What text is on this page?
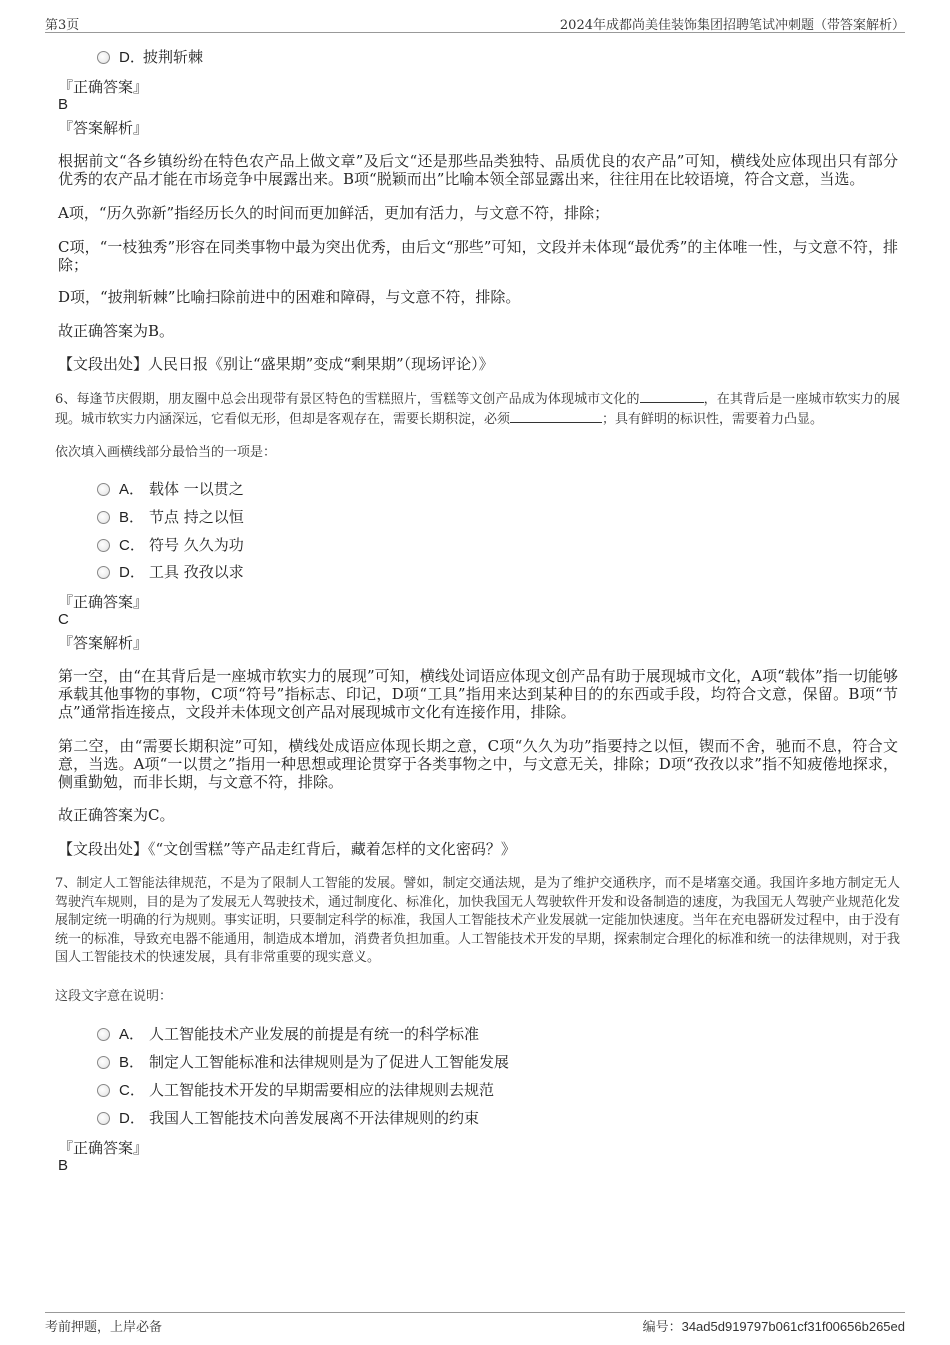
第3页	2024年成都尚美佳装饰集团招聘笔试冲刺题（带答案解析）
D．披荆斩棘
『正确答案』
B
『答案解析』
根据前文“各乡镇纷纷在特色农产品上做文章”及后文“还是那些品类独特、品质优良的农产品”可知，横线处应体现出只有部分优秀的农产品才能在市场竞争中展露出来。B项“脱颖而出”比喻本领全部显露出来，往往用在比较语境，符合文意，当选。
A项，“历久弥新”指经历长久的时间而更加鲜活，更加有活力，与文意不符，排除；
C项，“一枝独秀”形容在同类事物中最为突出优秀，由后文“那些”可知，文段并未体现“最优秀”的主体唯一性，与文意不符，排除；
D项，“披荆斩棘”比喻扫除前进中的困难和障碍，与文意不符，排除。
故正确答案为B。
【文段出处】人民日报《别让“盛果期”变成“剩果期”（现场评论）》
6、每逢节庆假期，朋友圈中总会出现带有景区特色的雪糕照片，雪糕等文创产品成为体现城市文化的	，在其背后是一座城市软实力的展现。城市软实力内涵深远，它看似无形，但却是客观存在，需要长期积淀，必须	；具有鲜明的标识性，需要着力凸显。
依次填入画横线部分最恰当的一项是：
A． 载体 一以贯之
B． 节点 持之以恒
C． 符号 久久为功
D． 工具 孜孜以求
『正确答案』
C
『答案解析』
第一空，由“在其背后是一座城市软实力的展现”可知，横线处词语应体现文创产品有助于展现城市文化，A项“载体”指一切能够承载其他事物的事物，C项“符号”指标志、印记，D项“工具”指用来达到某种目的的东西或手段，均符合文意，保留。B项“节点”通常指连接点，文段并未体现文创产品对展现城市文化有连接作用，排除。
第二空，由“需要长期积淀”可知，横线处成语应体现长期之意，C项“久久为功”指要持之以恒，锲而不舍，驰而不息，符合文意，当选。A项“一以贯之”指用一种思想或理论贯穿于各类事物之中，与文意无关，排除；D项“孜孜以求”指不知疲倦地探求，侧重勤勉，而非长期，与文意不符，排除。
故正确答案为C。
【文段出处】《“文创雪糕”等产品走红背后，藏着怎样的文化密码？》
7、制定人工智能法律规范，不是为了限制人工智能的发展。譬如，制定交通法规，是为了维护交通秩序，而不是堵塞交通。我国许多地方制定无人驾驶汽车规则，目的是为了发展无人驾驶技术，通过制度化、标准化，加快我国无人驾驶软件开发和设备制造的速度，为我国无人驾驶产业规范化发展制定统一明确的行为规则。事实证明，只要制定科学的标准，我国人工智能技术产业发展就一定能加快速度。当年在充电器研发过程中，由于没有统一的标准，导致充电器不能通用，制造成本增加，消费者负担加重。人工智能技术开发的早期，探索制定合理化的标准和统一的法律规则，对于我国人工智能技术的快速发展，具有非常重要的现实意义。
这段文字意在说明：
A． 人工智能技术产业发展的前提是有统一的科学标准
B． 制定人工智能标准和法律规则是为了促进人工智能发展
C． 人工智能技术开发的早期需要相应的法律规则去规范
D． 我国人工智能技术向善发展离不开法律规则的约束
『正确答案』
B
考前押题，上岸必备	编号：34ad5d919797b061cf31f00656b265ed
